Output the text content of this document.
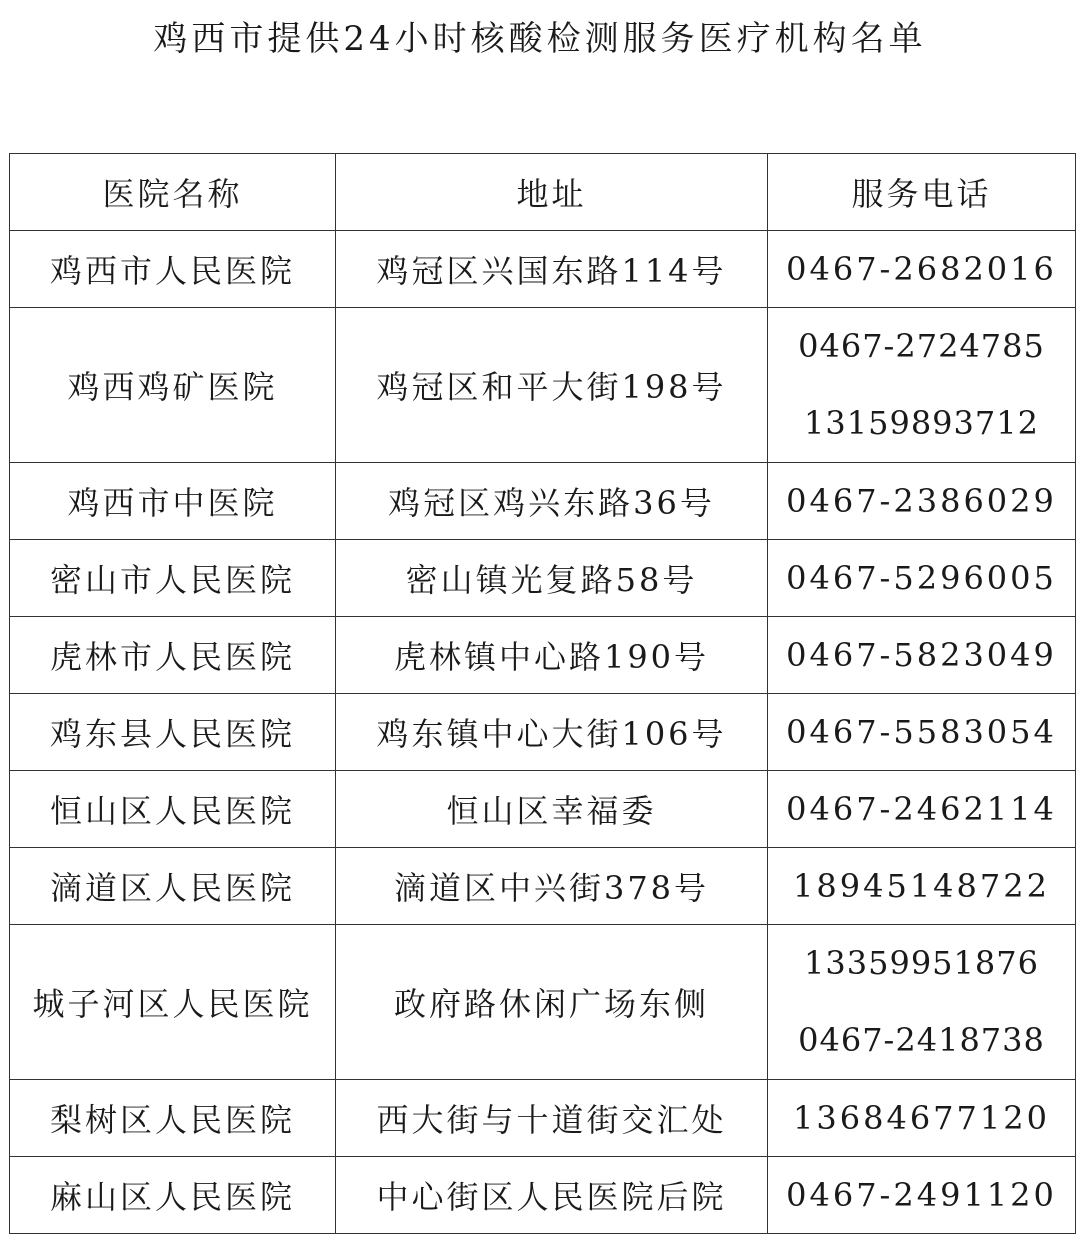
鸡西市提供24小时核酸检测服务医疗机构名单
医院名称	地址	服务电话
鸡西市人民医院	鸡冠区兴国东路114号	0467-2682016
鸡西鸡矿医院	鸡冠区和平大街198号	0467-2724785
13159893712

鸡西市中医院	鸡冠区鸡兴东路36号	0467-2386029
密山市人民医院	密山镇光复路58号	0467-5296005
虎林市人民医院	虎林镇中心路190号	0467-5823049
鸡东县人民医院	鸡东镇中心大街106号	0467-5583054
恒山区人民医院	恒山区幸福委	0467-2462114
滴道区人民医院	滴道区中兴街378号	18945148722
城子河区人民医院	政府路休闲广场东侧	13359951876
0467-2418738

梨树区人民医院	西大街与十道街交汇处	13684677120
麻山区人民医院	中心街区人民医院后院	0467-2491120
